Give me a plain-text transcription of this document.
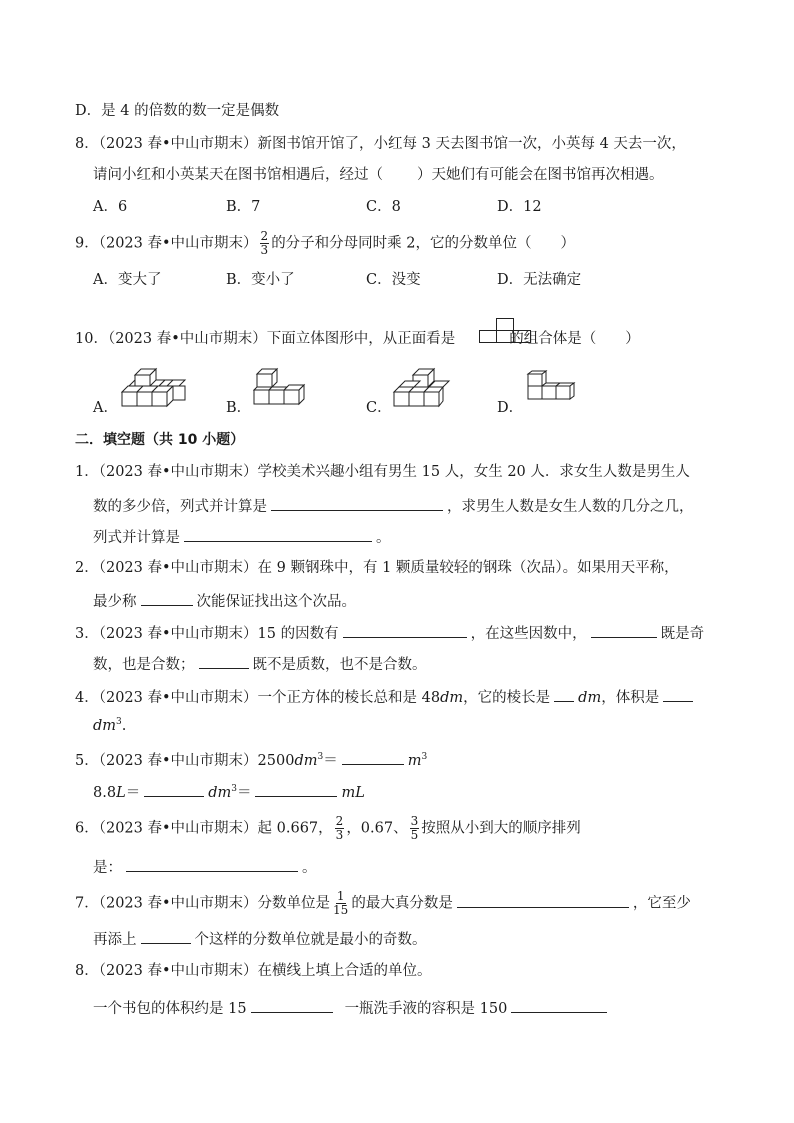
D．是 4 的倍数的数一定是偶数
8．（2023 春•中山市期末）新图书馆开馆了，小红每 3 天去图书馆一次，小英每 4 天去一次，
请问小红和小英某天在图书馆相遇后，经过（ ）天她们有可能会在图书馆再次相遇。
A．6	B．7	C．8	D．12
9．（2023 春•中山市期末） $\frac{2}{3}$ 的分子和分母同时乘 2，它的分数单位（　　）
A．变大了	B．变小了	C．没变	D．无法确定
10．（2023 春•中山市期末）下面立体图形中，从正面看是	的组合体是（　　）
A．	B．	C．	D．
二．填空题（共 10 小题）
1．（2023 春•中山市期末）学校美术兴趣小组有男生 15 人，女生 20 人．求女生人数是男生人
数的多少倍，列式并计算是	，求男生人数是女生人数的几分之几，
列式并计算是	。
2．（2023 春•中山市期末）在 9 颗钢珠中，有 1 颗质量较轻的钢珠（次品）。如果用天平称，
最少称	次能保证找出这个次品。
3．（2023 春•中山市期末）15 的因数有	，在这些因数中，	既是奇
数，也是合数；	既不是质数，也不是合数。
4．（2023 春•中山市期末）一个正方体的棱长总和是 48dm，它的棱长是 dm，体积是
$dm^3$.
5．（2023 春•中山市期末）$2500dm^3=$	$m^3$
8.8L＝	$dm^3=$	mL
6．（2023 春•中山市期末）起 0.667， $\frac{2}{3}$ ，0.67、 $\frac{3}{5}$ 按照从小到大的顺序排列
是：	。
7．（2023 春•中山市期末）分数单位是 $\frac{1}{15}$ 的最大真分数是	，它至少
再添上	个这样的分数单位就是最小的奇数。
8．（2023 春•中山市期末）在横线上填上合适的单位。
一个书包的体积约是 15	一瓶洗手液的容积是 150
